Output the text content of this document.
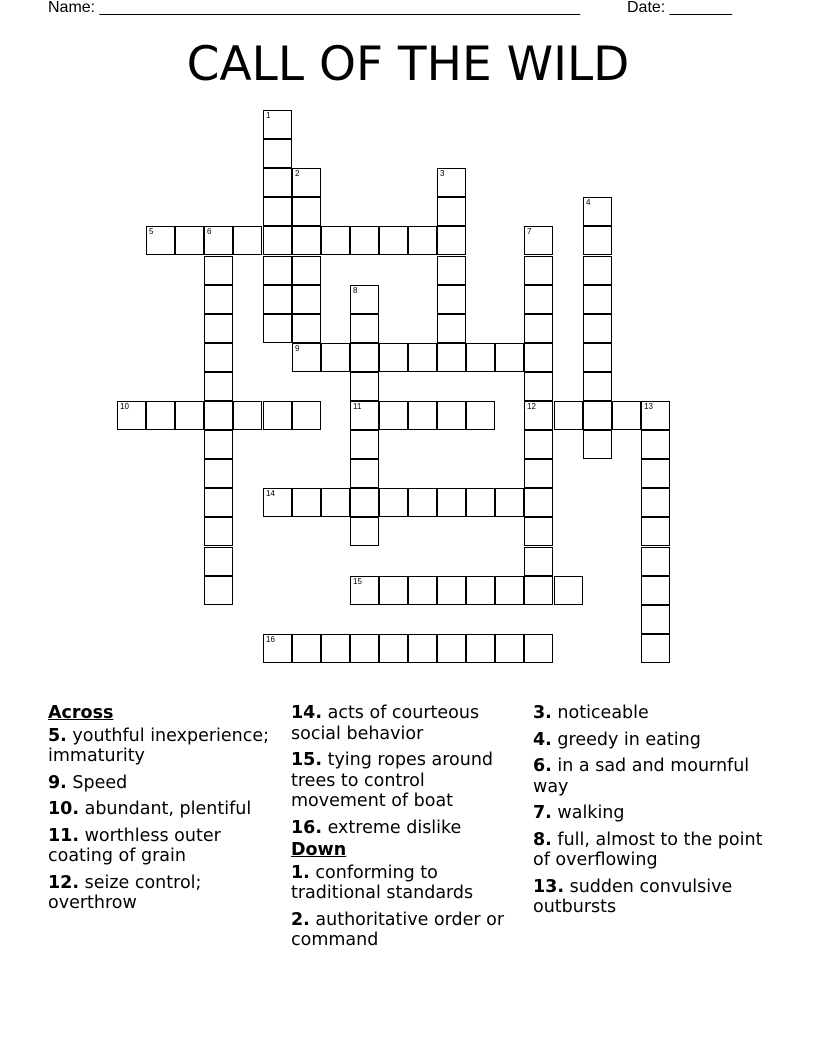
Name: ______________________________________________________	Date: _______
CALL OF THE WILD
1
2	3
4
5	6	7
12
8
11
9
10	13
14
15
16
Across
5. youthful inexperience; immaturity
9. Speed
10. abundant, plentiful
11. worthless outer coating of grain
12. seize control; overthrow
14. acts of courteous social behavior
15. tying ropes around trees to control movement of boat
16. extreme dislike
Down
1. conforming to traditional standards
2. authoritative order or command
3. noticeable
4. greedy in eating
6. in a sad and mournful way
7. walking
8. full, almost to the point of overflowing
13. sudden convulsive outbursts
